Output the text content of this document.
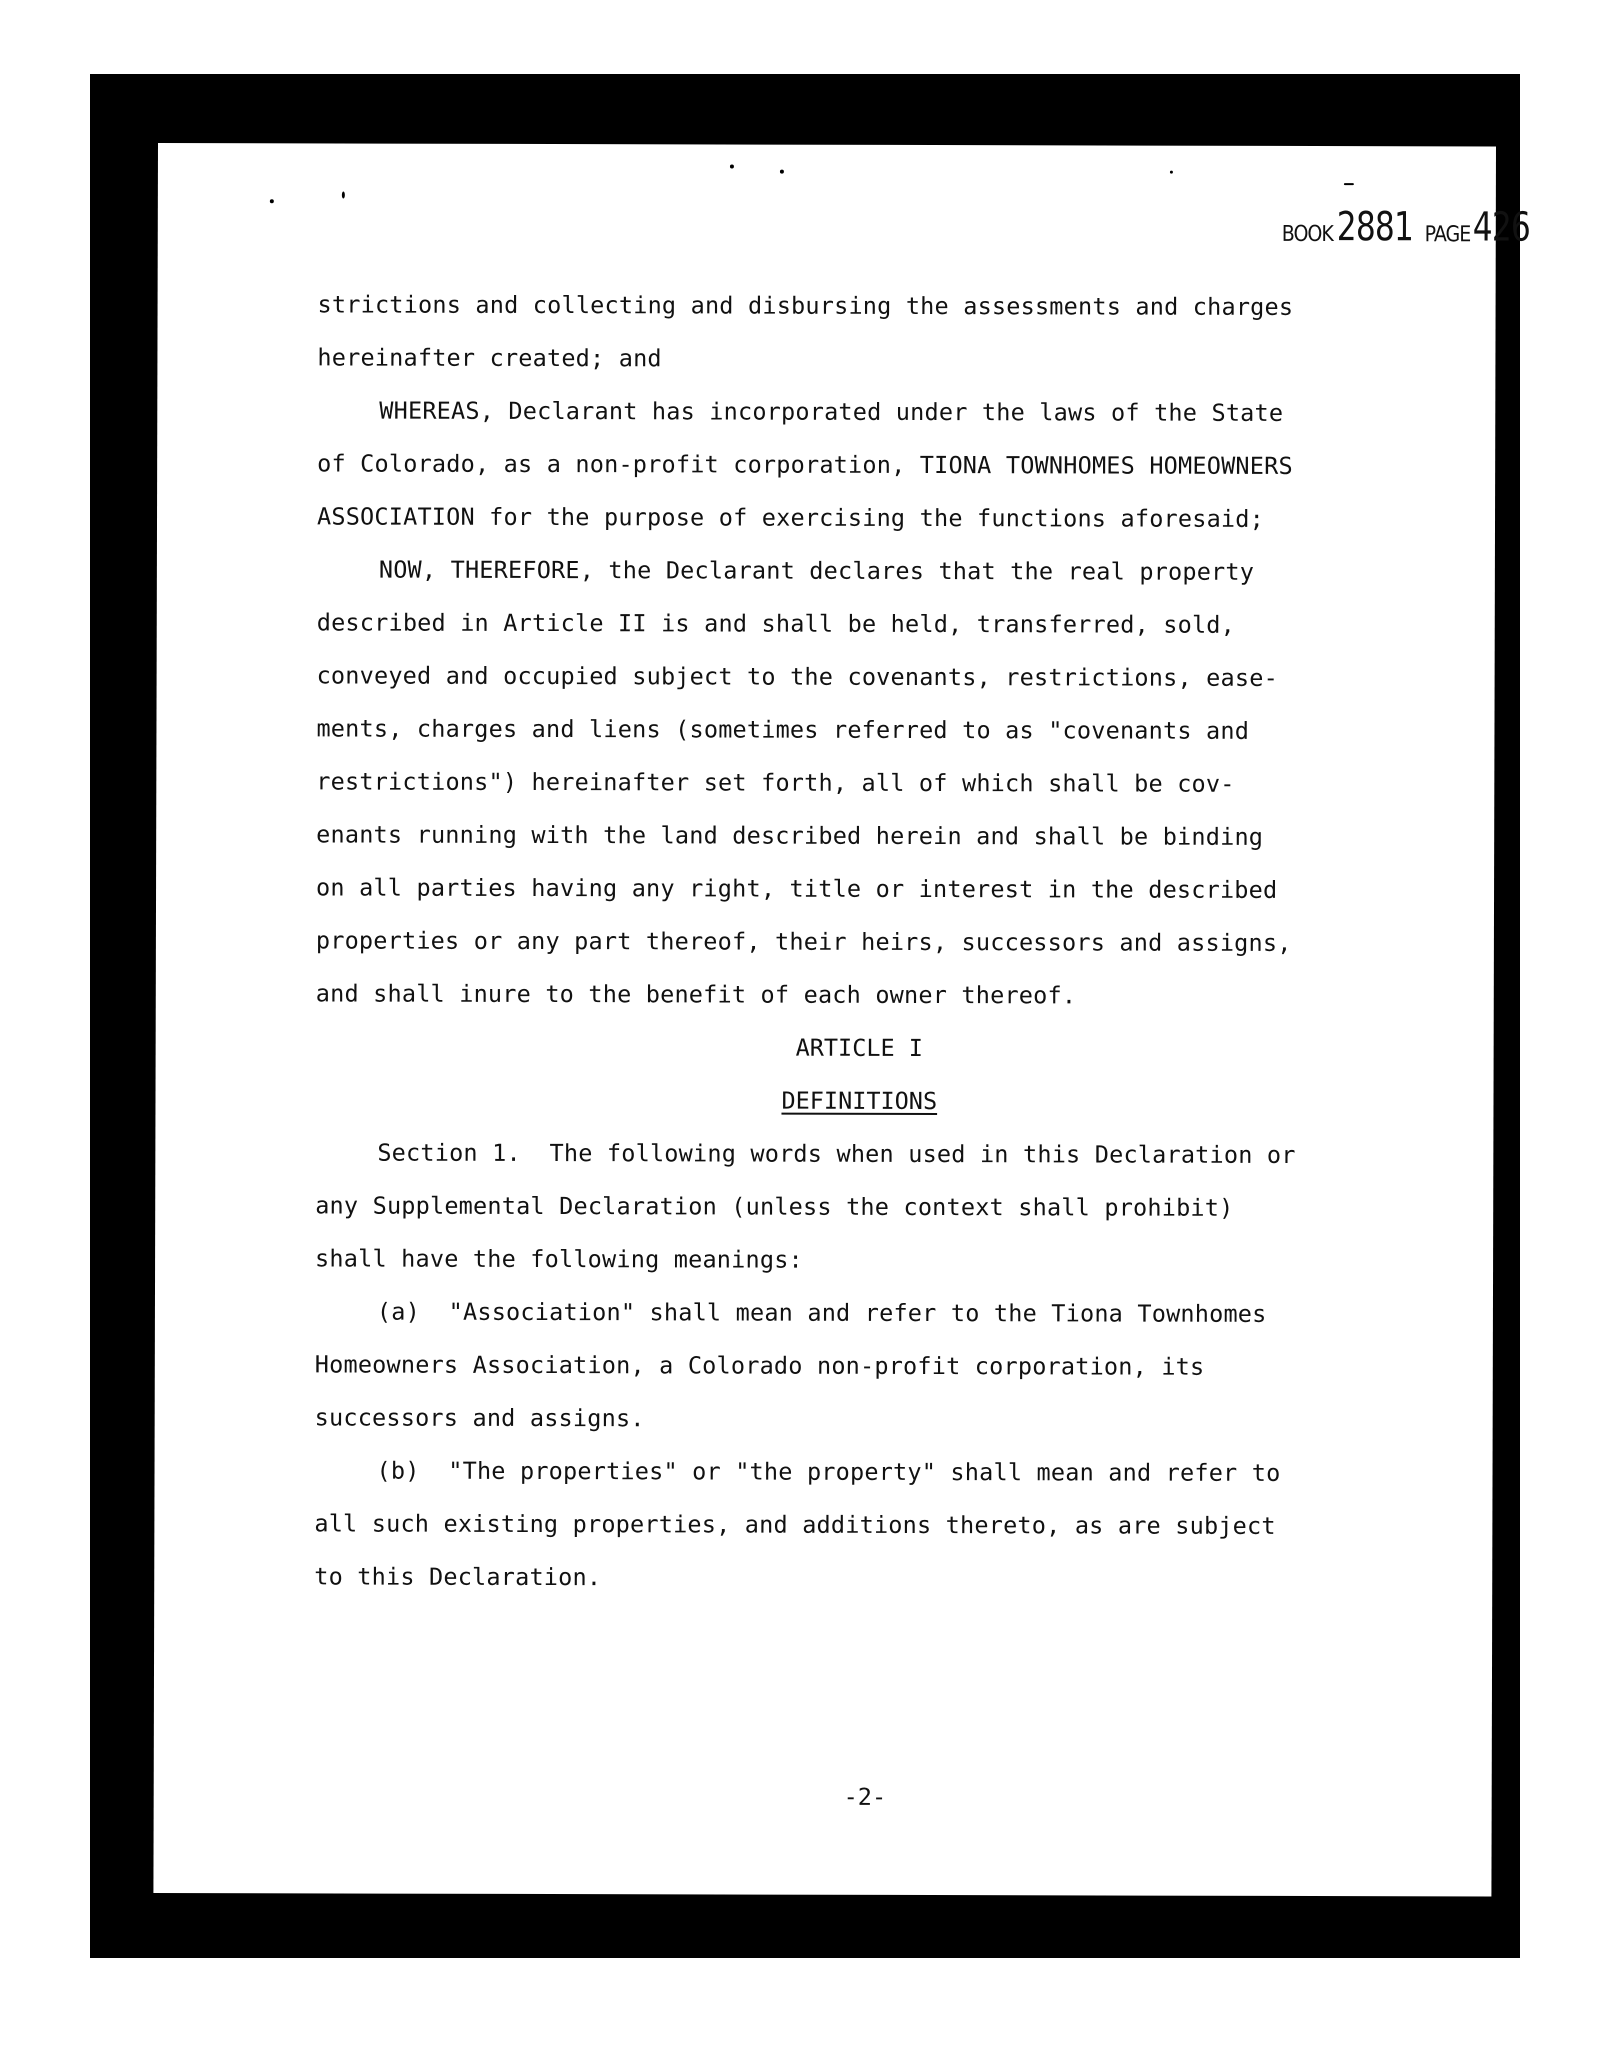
BOOK2881 PAGE426
strictions and collecting and disbursing the assessments and charges
hereinafter created; and
WHEREAS, Declarant has incorporated under the laws of the State
of Colorado, as a non-profit corporation, TIONA TOWNHOMES HOMEOWNERS
ASSOCIATION for the purpose of exercising the functions aforesaid;
NOW, THEREFORE, the Declarant declares that the real property
described in Article II is and shall be held, transferred, sold,
conveyed and occupied subject to the covenants, restrictions, ease-
ments, charges and liens (sometimes referred to as "covenants and
restrictions") hereinafter set forth, all of which shall be cov-
enants running with the land described herein and shall be binding
on all parties having any right, title or interest in the described
properties or any part thereof, their heirs, successors and assigns,
and shall inure to the benefit of each owner thereof.
ARTICLE I
DEFINITIONS
Section 1.  The following words when used in this Declaration or
any Supplemental Declaration (unless the context shall prohibit)
shall have the following meanings:
(a)  "Association" shall mean and refer to the Tiona Townhomes
Homeowners Association, a Colorado non-profit corporation, its
successors and assigns.
(b)  "The properties" or "the property" shall mean and refer to
all such existing properties, and additions thereto, as are subject
to this Declaration.
-2-
